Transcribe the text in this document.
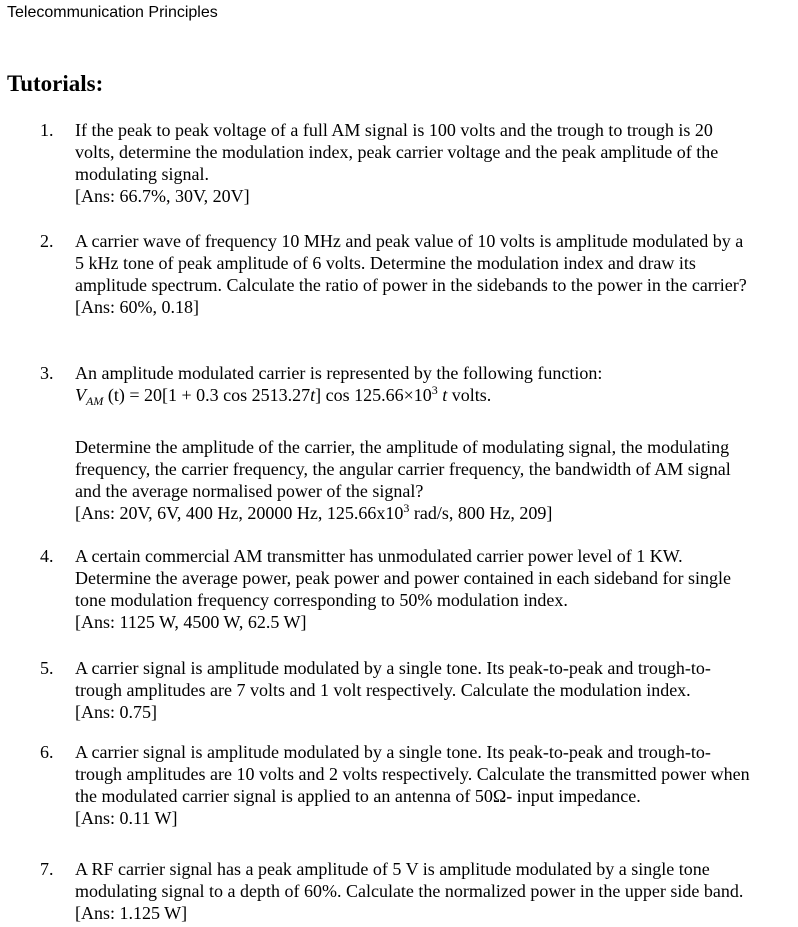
Telecommunication Principles
Tutorials:
1. If the peak to peak voltage of a full AM signal is 100 volts and the trough to trough is 20
volts, determine the modulation index, peak carrier voltage and the peak amplitude of the
modulating signal.
[Ans: 66.7%, 30V, 20V]
2. A carrier wave of frequency 10 MHz and peak value of 10 volts is amplitude modulated by a
5 kHz tone of peak amplitude of 6 volts. Determine the modulation index and draw its
amplitude spectrum. Calculate the ratio of power in the sidebands to the power in the carrier?
[Ans: 60%, 0.18]
3. An amplitude modulated carrier is represented by the following function:
$V_{AM}$ (t) = 20[1 + 0.3 cos 2513.27t] $\cos 125.66\times 10^3$ t volts.
Determine the amplitude of the carrier, the amplitude of modulating signal, the modulating
frequency, the carrier frequency, the angular carrier frequency, the bandwidth of AM signal
and the average normalised power of the signal?
[Ans: 20V, 6V, 400 Hz, 20000 Hz, $125.66x10^3$ rad/s, 800 Hz, 209]
4. A certain commercial AM transmitter has unmodulated carrier power level of 1 KW.
Determine the average power, peak power and power contained in each sideband for single
tone modulation frequency corresponding to 50% modulation index.
[Ans: 1125 W, 4500 W, 62.5 W]
5. A carrier signal is amplitude modulated by a single tone. Its peak-to-peak and trough-to-
trough amplitudes are 7 volts and 1 volt respectively. Calculate the modulation index.
[Ans: 0.75]
6. A carrier signal is amplitude modulated by a single tone. Its peak-to-peak and trough-to-
trough amplitudes are 10 volts and 2 volts respectively. Calculate the transmitted power when
the modulated carrier signal is applied to an antenna of 50Ω- input impedance.
[Ans: 0.11 W]
7. A RF carrier signal has a peak amplitude of 5 V is amplitude modulated by a single tone
modulating signal to a depth of 60%. Calculate the normalized power in the upper side band.
[Ans: 1.125 W]
